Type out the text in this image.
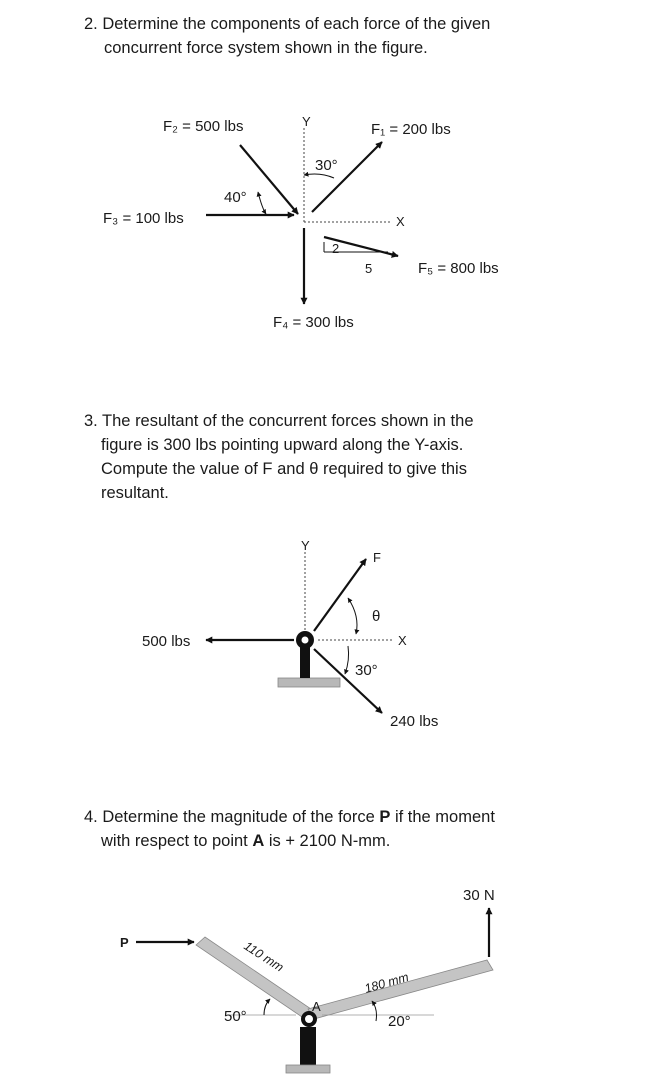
2. Determine the components of each force of the given

concurrent force system shown in the figure.

F₂ = 500 lbs	Y	F₁ = 200 lbs
30°
40°
F₃ = 100 lbs	X
2
5	F₅ = 800 lbs
F₄ = 300 lbs

3. The resultant of the concurrent forces shown in the

figure is 300 lbs pointing upward along the Y-axis.

Compute the value of F and θ required to give this

resultant.

Y
F
θ
500 lbs	X
30°
240 lbs

4. Determine the magnitude of the force P if the moment

with respect to point A is + 2100 N-mm.

30 N
P	110 mm
180 mm
A
50°	20°
